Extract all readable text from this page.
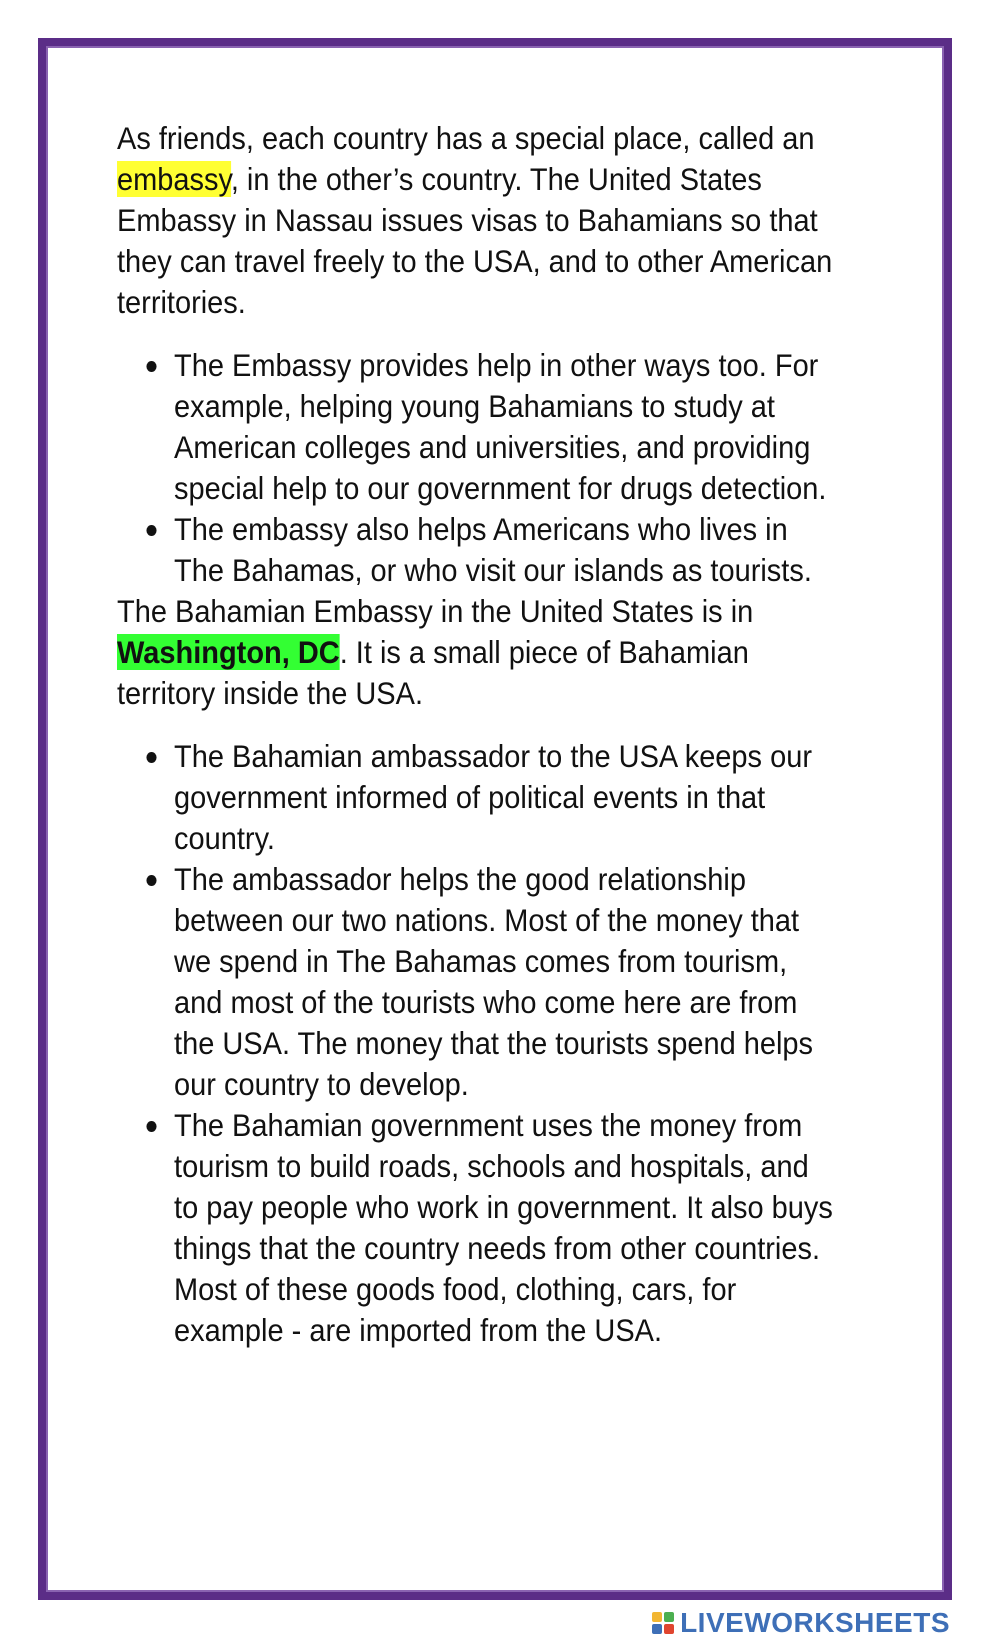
As friends, each country has a special place, called an embassy, in the other’s country. The United States Embassy in Nassau issues visas to Bahamians so that they can travel freely to the USA, and to other American territories.

The Embassy provides help in other ways too. For example, helping young Bahamians to study at American colleges and universities, and providing special help to our government for drugs detection.
The embassy also helps Americans who lives in The Bahamas, or who visit our islands as tourists.

The Bahamian Embassy in the United States is in Washington, DC. It is a small piece of Bahamian territory inside the USA.

The Bahamian ambassador to the USA keeps our government informed of political events in that country.
The ambassador helps the good relationship between our two nations. Most of the money that we spend in The Bahamas comes from tourism, and most of the tourists who come here are from the USA. The money that the tourists spend helps our country to develop.
The Bahamian government uses the money from tourism to build roads, schools and hospitals, and to pay people who work in government. It also buys things that the country needs from other countries. Most of these goods food, clothing, cars, for example - are imported from the USA.
LIVEWORKSHEETS
